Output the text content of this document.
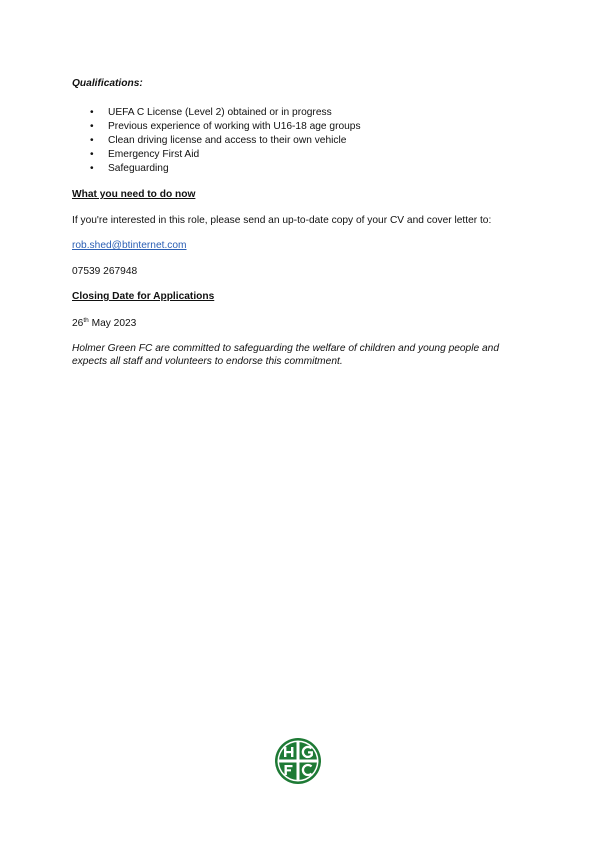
Qualifications:
• UEFA C License (Level 2) obtained or in progress
• Previous experience of working with U16-18 age groups
• Clean driving license and access to their own vehicle
• Emergency First Aid
• Safeguarding
What you need to do now
If you're interested in this role, please send an up-to-date copy of your CV and cover letter to:
rob.shed@btinternet.com
07539 267948
Closing Date for Applications
26th May 2023
Holmer Green FC are committed to safeguarding the welfare of children and young people and expects all staff and volunteers to endorse this commitment.
